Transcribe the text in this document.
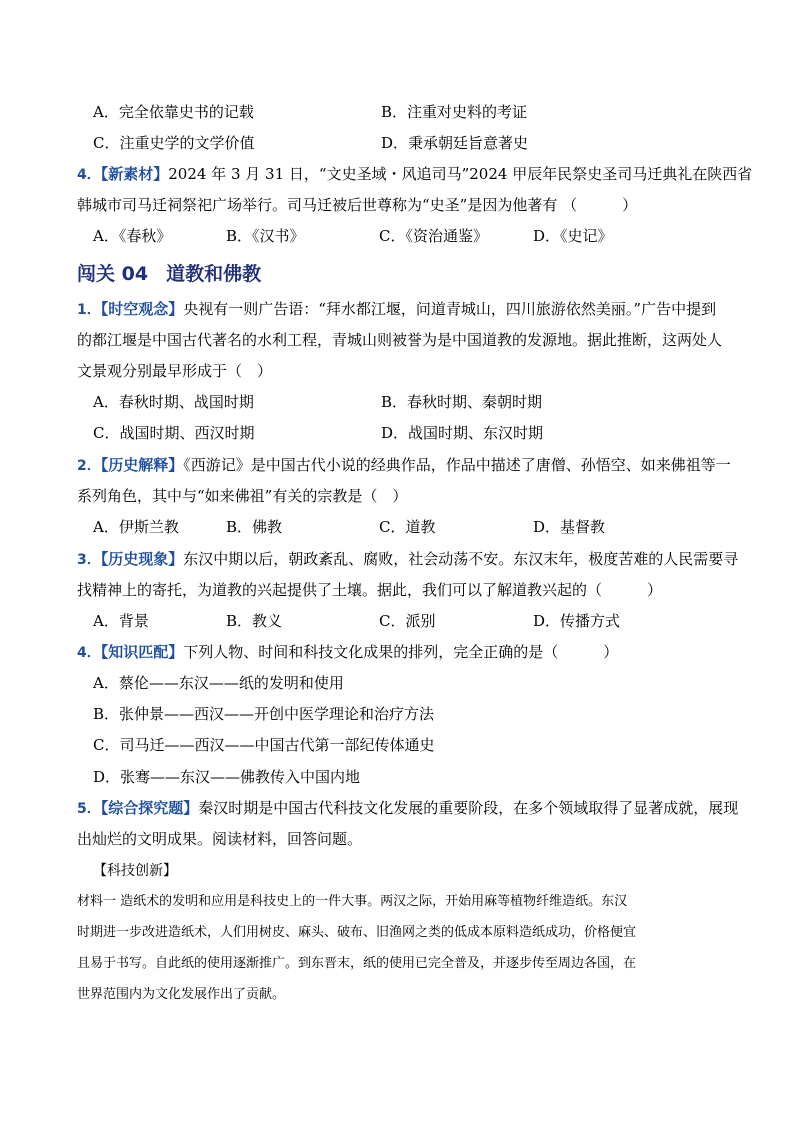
A．完全依靠史书的记载	B．注重对史料的考证
C．注重史学的文学价值	D．秉承朝廷旨意著史
4．【新素材】2024 年 3 月 31 日，“文史圣域・风追司马”2024 甲辰年民祭史圣司马迁典礼在陕西省
韩城市司马迁祠祭祀广场举行。司马迁被后世尊称为“史圣”是因为他著有 （　　　）
A．《春秋》	B．《汉书》	C．《资治通鉴》	D．《史记》
闯关 04 道教和佛教
1．【时空观念】央视有一则广告语：“拜水都江堰，问道青城山，四川旅游依然美丽。”广告中提到
的都江堰是中国古代著名的水利工程，青城山则被誉为是中国道教的发源地。据此推断，这两处人
文景观分别最早形成于（　）
A．春秋时期、战国时期	B．春秋时期、秦朝时期
C．战国时期、西汉时期	D．战国时期、东汉时期
2．【历史解释】《西游记》是中国古代小说的经典作品，作品中描述了唐僧、孙悟空、如来佛祖等一
系列角色，其中与“如来佛祖”有关的宗教是（　）
A．伊斯兰教	B．佛教	C．道教	D．基督教
3．【历史现象】东汉中期以后，朝政紊乱、腐败，社会动荡不安。东汉末年，极度苦难的人民需要寻
找精神上的寄托，为道教的兴起提供了土壤。据此，我们可以了解道教兴起的（　　　）
A．背景	B．教义	C．派别	D．传播方式
4．【知识匹配】下列人物、时间和科技文化成果的排列，完全正确的是（　　　）
A．蔡伦——东汉——纸的发明和使用
B．张仲景——西汉——开创中医学理论和治疗方法
C．司马迁——西汉——中国古代第一部纪传体通史
D．张骞——东汉——佛教传入中国内地
5．【综合探究题】秦汉时期是中国古代科技文化发展的重要阶段，在多个领域取得了显著成就，展现
出灿烂的文明成果。阅读材料，回答问题。
【科技创新】
材料一 造纸术的发明和应用是科技史上的一件大事。两汉之际，开始用麻等植物纤维造纸。东汉
时期进一步改进造纸术，人们用树皮、麻头、破布、旧渔网之类的低成本原料造纸成功，价格便宜
且易于书写。自此纸的使用逐渐推广。到东晋末，纸的使用已完全普及，并逐步传至周边各国，在
世界范围内为文化发展作出了贡献。
